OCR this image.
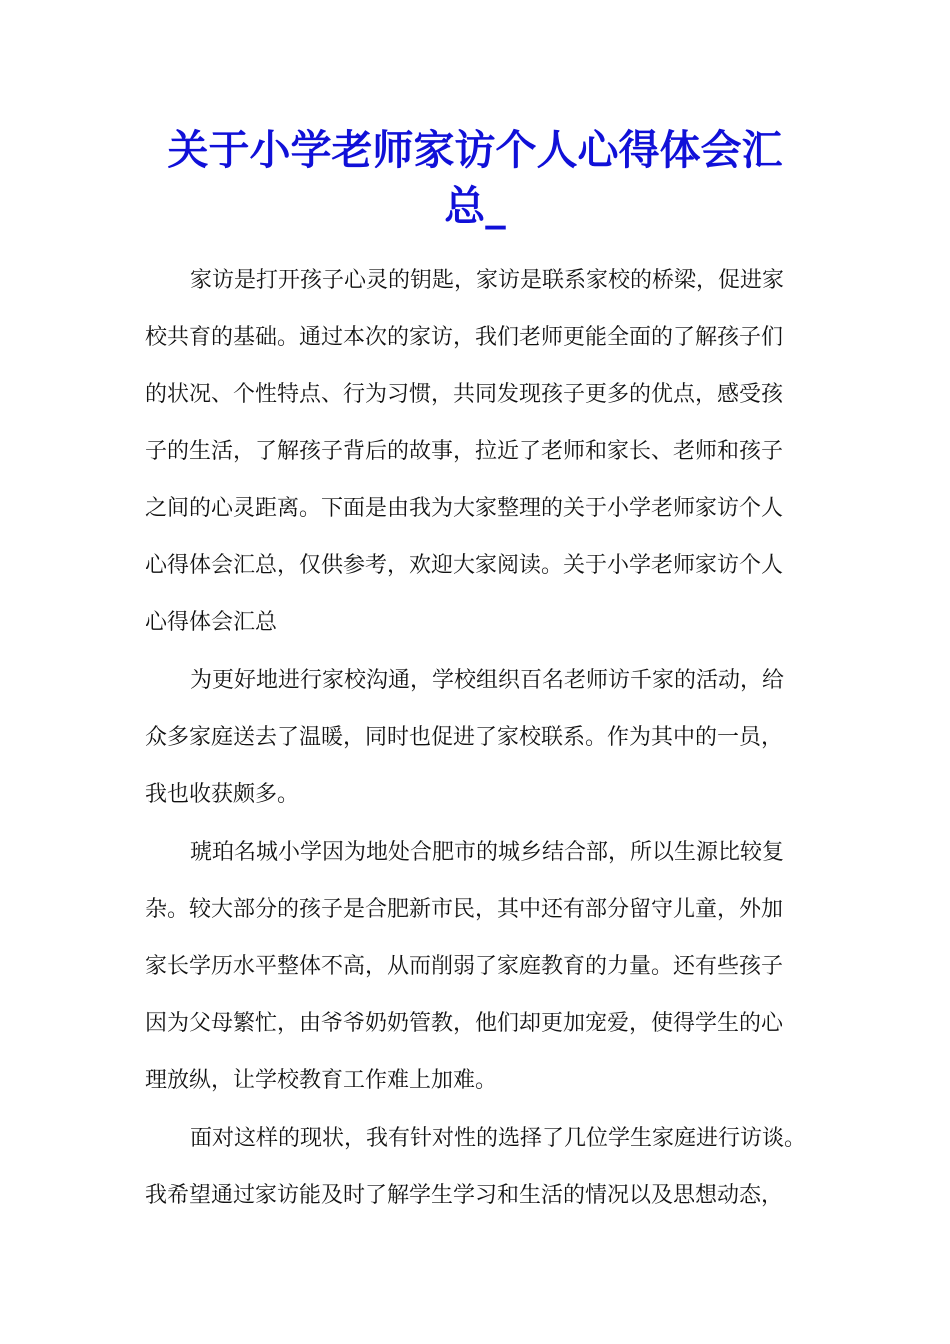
关于小学老师家访个人心得体会汇
总_

家访是打开孩子心灵的钥匙，家访是联系家校的桥梁，促进家

校共育的基础。通过本次的家访，我们老师更能全面的了解孩子们

的状况、个性特点、行为习惯，共同发现孩子更多的优点，感受孩

子的生活，了解孩子背后的故事，拉近了老师和家长、老师和孩子

之间的心灵距离。下面是由我为大家整理的关于小学老师家访个人

心得体会汇总，仅供参考，欢迎大家阅读。关于小学老师家访个人

心得体会汇总

为更好地进行家校沟通，学校组织百名老师访千家的活动，给

众多家庭送去了温暖，同时也促进了家校联系。作为其中的一员，

我也收获颇多。

琥珀名城小学因为地处合肥市的城乡结合部，所以生源比较复

杂。较大部分的孩子是合肥新市民，其中还有部分留守儿童，外加

家长学历水平整体不高，从而削弱了家庭教育的力量。还有些孩子

因为父母繁忙，由爷爷奶奶管教，他们却更加宠爱，使得学生的心

理放纵，让学校教育工作难上加难。

面对这样的现状，我有针对性的选择了几位学生家庭进行访谈。

我希望通过家访能及时了解学生学习和生活的情况以及思想动态，
